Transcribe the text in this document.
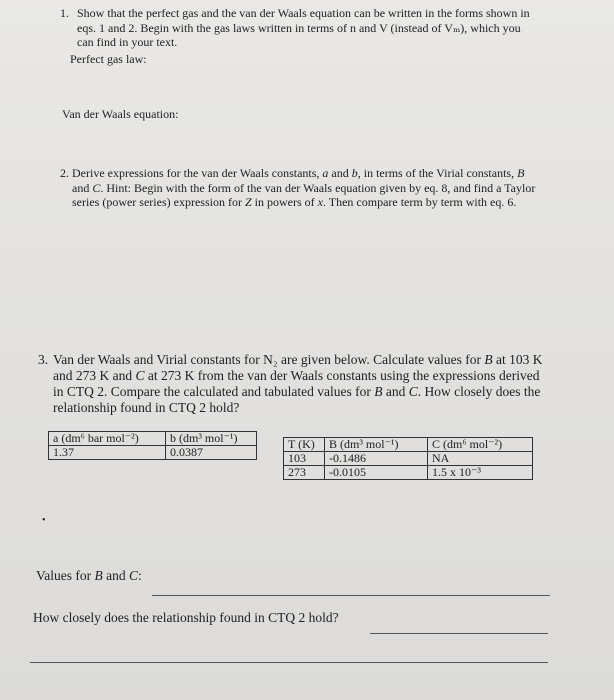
1. Show that the perfect gas and the van der Waals equation can be written in the forms shown in eqs. 1 and 2. Begin with the gas laws written in terms of n and V (instead of Vₘ), which you can find in your text.
Perfect gas law:
Van der Waals equation:
2. Derive expressions for the van der Waals constants, a and b, in terms of the Virial constants, B and C. Hint: Begin with the form of the van der Waals equation given by eq. 8, and find a Taylor series (power series) expression for Z in powers of x. Then compare term by term with eq. 6.
3. Van der Waals and Virial constants for N₂ are given below. Calculate values for B at 103 K and 273 K and C at 273 K from the van der Waals constants using the expressions derived in CTQ 2. Compare the calculated and tabulated values for B and C. How closely does the relationship found in CTQ 2 hold?
a (dm⁶ bar mol⁻²)	b (dm³ mol⁻¹)
1.37	0.0387
T (K)	B (dm³ mol⁻¹)	C (dm⁶ mol⁻²)
103	-0.1486	NA
273	-0.0105	1.5 x 10⁻³
•
Values for B and C:
How closely does the relationship found in CTQ 2 hold?
